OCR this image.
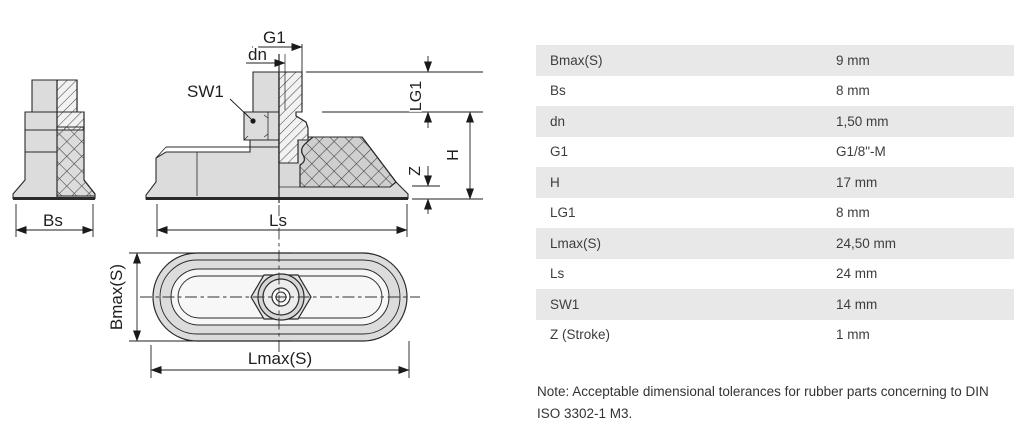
G1
dn
SW1
Bs	Ls
LG1
H
Z
Bmax(S)
Lmax(S)
Bmax(S)	9 mm
Bs	8 mm
dn	1,50 mm
G1	G1/8"-M
H	17 mm
LG1	8 mm
Lmax(S)	24,50 mm
Ls	24 mm
SW1	14 mm
Z (Stroke)	1 mm
Note: Acceptable dimensional tolerances for rubber parts concerning to DIN ISO 3302-1 M3.
